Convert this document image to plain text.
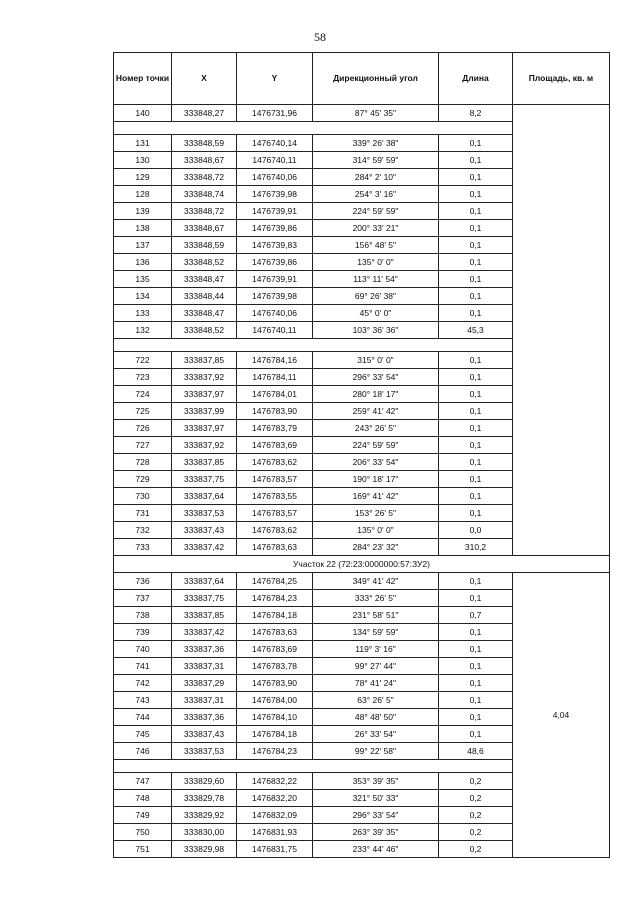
58
Номер точки	X	Y	Дирекционный угол	Длина	Площадь, кв. м
140	333848,27	1476731,96	87° 45' 35"	8,2	

131	333848,59	1476740,14	339° 26' 38"	0,1	
130	333848,67	1476740,11	314° 59' 59"	0,1	
129	333848,72	1476740,06	284° 2' 10"	0,1	
128	333848,74	1476739,98	254° 3' 16"	0,1	
139	333848,72	1476739,91	224° 59' 59"	0,1	
138	333848,67	1476739,86	200° 33' 21"	0,1	
137	333848,59	1476739,83	156° 48' 5"	0,1	
136	333848,52	1476739,86	135° 0' 0"	0,1	
135	333848,47	1476739,91	113° 11' 54"	0,1	
134	333848,44	1476739,98	69° 26' 38"	0,1	
133	333848,47	1476740,06	45° 0' 0"	0,1	
132	333848,52	1476740,11	103° 36' 36"	45,3	

722	333837,85	1476784,16	315° 0' 0"	0,1	
723	333837,92	1476784,11	296° 33' 54"	0,1	
724	333837,97	1476784,01	280° 18' 17"	0,1	
725	333837,99	1476783,90	259° 41' 42"	0,1	
726	333837,97	1476783,79	243° 26' 5"	0,1	
727	333837,92	1476783,69	224° 59' 59"	0,1	
728	333837,85	1476783,62	206° 33' 54"	0,1	
729	333837,75	1476783,57	190° 18' 17"	0,1	
730	333837,64	1476783,55	169° 41' 42"	0,1	
731	333837,53	1476783,57	153° 26' 5"	0,1	
732	333837,43	1476783,62	135° 0' 0"	0,0	
733	333837,42	1476783,63	284° 23' 32"	310,2	
Участок 22 (72:23:0000000:57:ЗУ2)					
736	333837,64	1476784,25	349° 41' 42"	0,1	4,04
737	333837,75	1476784,23	333° 26' 5"	0,1	
738	333837,85	1476784,18	231° 58' 51"	0,7	
739	333837,42	1476783,63	134° 59' 59"	0,1	
740	333837,36	1476783,69	119° 3' 16"	0,1	
741	333837,31	1476783,78	99° 27' 44"	0,1	
742	333837,29	1476783,90	78° 41' 24"	0,1	
743	333837,31	1476784,00	63° 26' 5"	0,1	
744	333837,36	1476784,10	48° 48' 50"	0,1	
745	333837,43	1476784,18	26° 33' 54"	0,1	
746	333837,53	1476784,23	99° 22' 58"	48,6	

747	333829,60	1476832,22	353° 39' 35"	0,2	
748	333829,78	1476832,20	321° 50' 33"	0,2	
749	333829,92	1476832,09	296° 33' 54"	0,2	
750	333830,00	1476831,93	263° 39' 35"	0,2	
751	333829,98	1476831,75	233° 44' 46"	0,2	
